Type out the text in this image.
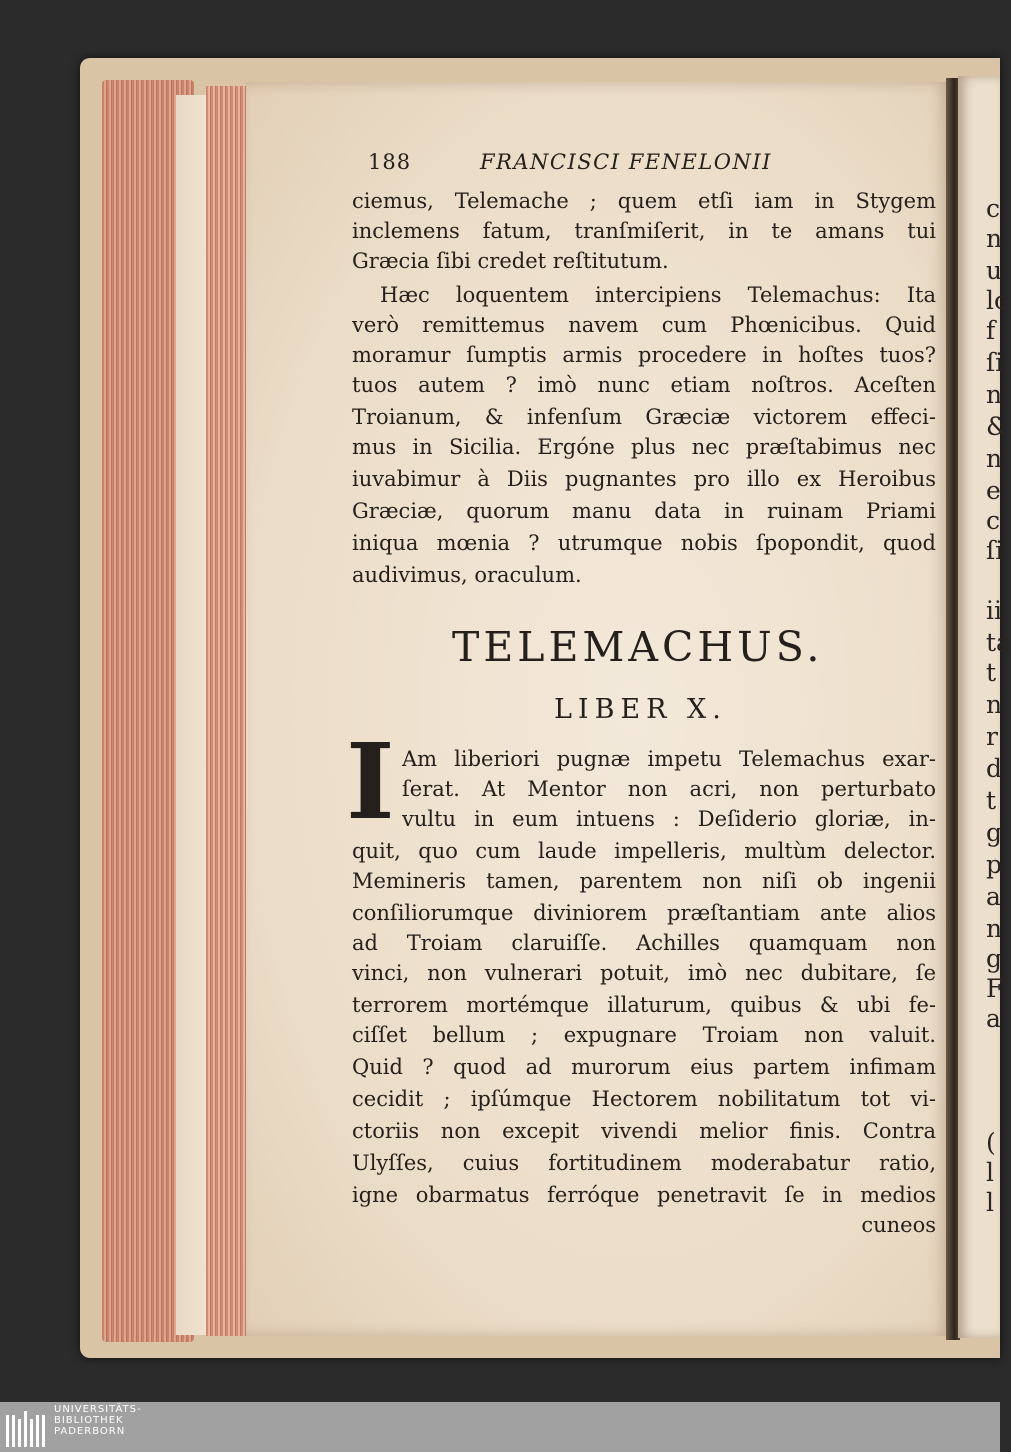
c
n
u
lc
f
ſi
n
&
n
e
c
ſi
ii
ta
t
n
r
d
t
g
p
a
n
g
F
a
(
l
l
188	FRANCISCI FENELONII
ciemus, Telemache ; quem etſi iam in Stygem
inclemens fatum, tranſmiſerit, in te amans tui
Græcia ſibi credet reſtitutum.
Hæc loquentem intercipiens Telemachus: Ita
verò remittemus navem cum Phœnicibus. Quid
moramur ſumptis armis procedere in hoſtes tuos?
tuos autem ? imò nunc etiam noſtros. Aceſten
Troianum, & infenſum Græciæ victorem effeci-
mus in Sicilia. Ergóne plus nec præſtabimus nec
iuvabimur à Diis pugnantes pro illo ex Heroibus
Græciæ, quorum manu data in ruinam Priami
iniqua mœnia ? utrumque nobis ſpopondit, quod
audivimus, oraculum.
TELEMACHUS.
LIBER X.
I Am liberiori pugnæ impetu Telemachus exar-
ſerat. At Mentor non acri, non perturbato
vultu in eum intuens : Deſiderio gloriæ, in-
quit, quo cum laude impelleris, multùm delector.
Memineris tamen, parentem non niſi ob ingenii
conſiliorumque diviniorem præſtantiam ante alios
ad Troiam claruiſſe. Achilles quamquam non
vinci, non vulnerari potuit, imò nec dubitare, ſe
terrorem mortémque illaturum, quibus & ubi fe-
ciſſet bellum ; expugnare Troiam non valuit.
Quid ? quod ad murorum eius partem infimam
cecidit ; ipſúmque Hectorem nobilitatum tot vi-
ctoriis non excepit vivendi melior finis. Contra
Ulyſſes, cuius fortitudinem moderabatur ratio,
igne obarmatus ferróque penetravit ſe in medios
cuneos
UNIVERSITÄTS-
BIBLIOTHEK
PADERBORN
